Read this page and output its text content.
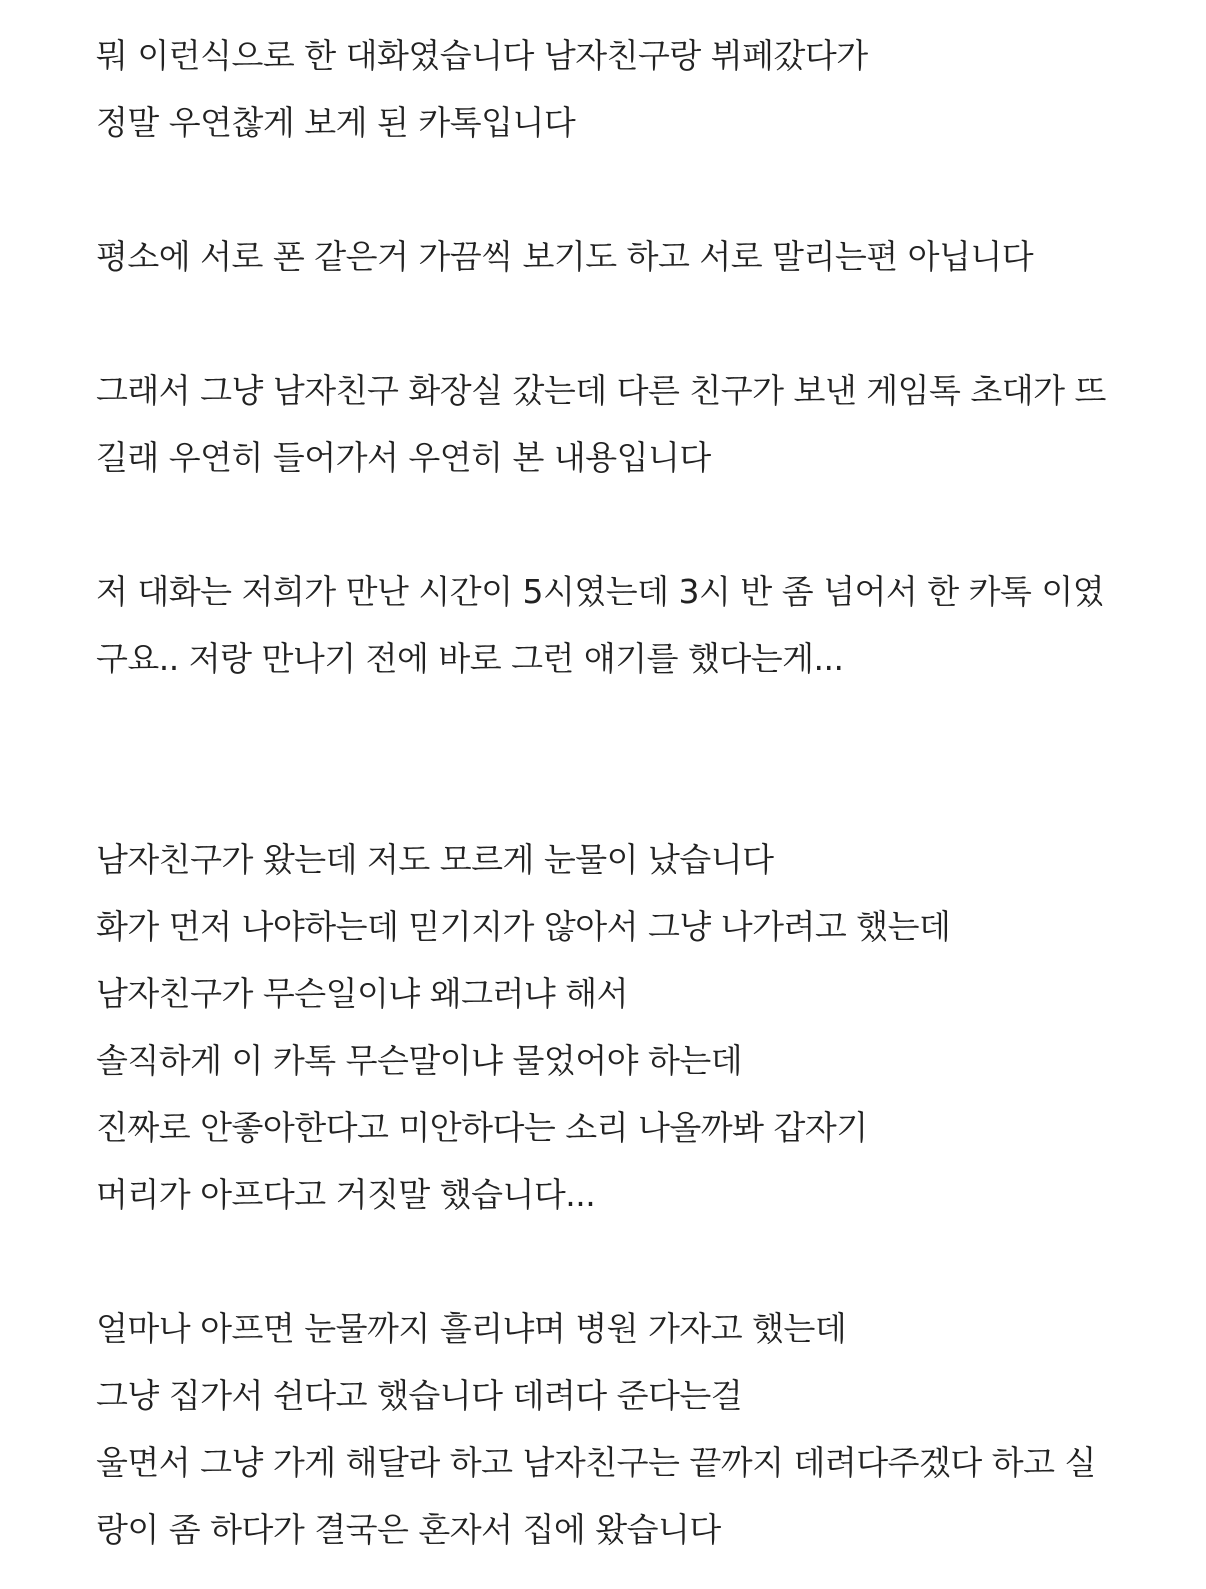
뭐 이런식으로 한 대화였습니다 남자친구랑 뷔페갔다가
정말 우연찮게 보게 된 카톡입니다
평소에 서로 폰 같은거 가끔씩 보기도 하고 서로 말리는편 아닙니다
그래서 그냥 남자친구 화장실 갔는데 다른 친구가 보낸 게임톡 초대가 뜨
길래 우연히 들어가서 우연히 본 내용입니다
저 대화는 저희가 만난 시간이 5시였는데 3시 반 좀 넘어서 한 카톡 이였
구요.. 저랑 만나기 전에 바로 그런 얘기를 했다는게...
남자친구가 왔는데 저도 모르게 눈물이 났습니다
화가 먼저 나야하는데 믿기지가 않아서 그냥 나가려고 했는데
남자친구가 무슨일이냐 왜그러냐 해서
솔직하게 이 카톡 무슨말이냐 물었어야 하는데
진짜로 안좋아한다고 미안하다는 소리 나올까봐 갑자기
머리가 아프다고 거짓말 했습니다...
얼마나 아프면 눈물까지 흘리냐며 병원 가자고 했는데
그냥 집가서 쉰다고 했습니다 데려다 준다는걸
울면서 그냥 가게 해달라 하고 남자친구는 끝까지 데려다주겠다 하고 실
랑이 좀 하다가 결국은 혼자서 집에 왔습니다
